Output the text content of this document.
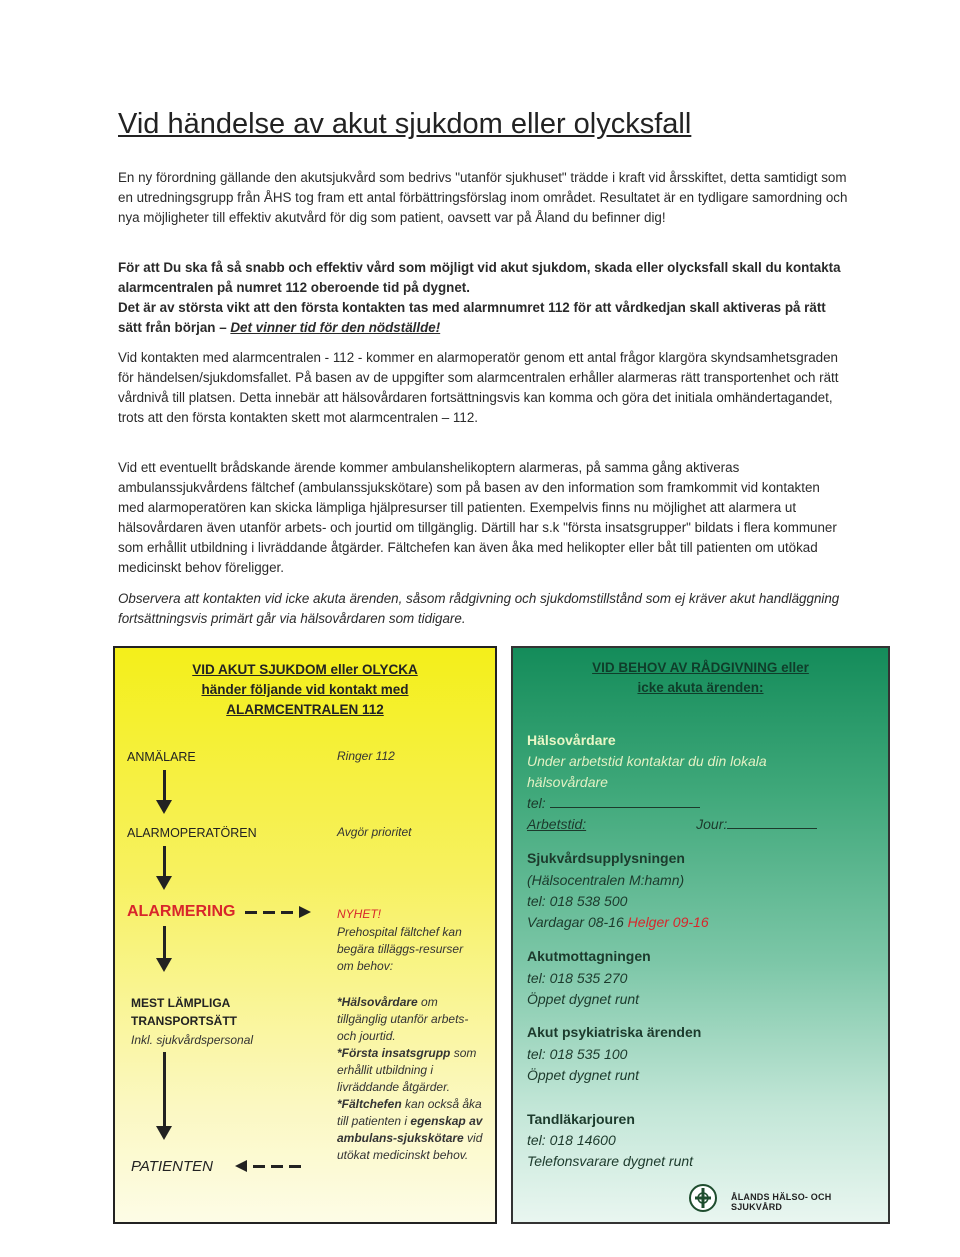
Vid händelse av akut sjukdom eller olycksfall

En ny förordning gällande den akutsjukvård som bedrivs "utanför sjukhuset" trädde i kraft vid årsskiftet, detta samtidigt som en utredningsgrupp från ÅHS tog fram ett antal förbättringsförslag inom området. Resultatet är en tydligare samordning och nya möjligheter till effektiv akutvård för dig som patient, oavsett var på Åland du befinner dig!

För att Du ska få så snabb och effektiv vård som möjligt vid akut sjukdom, skada eller olycksfall skall du kontakta alarmcentralen på numret 112 oberoende tid på dygnet.

Det är av största vikt att den första kontakten tas med alarmnumret 112 för att vårdkedjan skall aktiveras på rätt sätt från början – Det vinner tid för den nödställde!

Vid kontakten med alarmcentralen - 112 - kommer en alarmoperatör genom ett antal frågor klargöra skyndsamhetsgraden för händelsen/sjukdomsfallet. På basen av de uppgifter som alarmcentralen erhåller alarmeras rätt transportenhet och rätt vårdnivå till platsen. Detta innebär att hälsovårdaren fortsättningsvis kan komma och göra det initiala omhändertagandet, trots att den första kontakten skett mot alarmcentralen – 112.

Vid ett eventuellt brådskande ärende kommer ambulanshelikoptern alarmeras, på samma gång aktiveras ambulanssjukvårdens fältchef (ambulanssjukskötare) som på basen av den information som framkommit vid kontakten med alarmoperatören kan skicka lämpliga hjälpresurser till patienten. Exempelvis finns nu möjlighet att alarmera ut hälsovårdaren även utanför arbets- och jourtid om tillgänglig. Därtill har s.k "första insatsgrupper" bildats i flera kommuner som erhållit utbildning i livräddande åtgärder. Fältchefen kan även åka med helikopter eller båt till patienten om utökad medicinskt behov föreligger.

Observera att kontakten vid icke akuta ärenden, såsom rådgivning och sjukdomstillstånd som ej kräver akut handläggning fortsättningsvis primärt går via hälsovårdaren som tidigare.

VID AKUT SJUKDOM eller OLYCKA
händer följande vid kontakt med
ALARMCENTRALEN 112
ANMÄLARE	Ringer 112
ALARMOPERATÖREN	Avgör prioritet
ALARMERING	NYHET!
Prehospital fältchef kan begära tilläggs-resurser om behov:
MEST LÄMPLIGA
TRANSPORTSÄTT
Inkl. sjukvårdspersonal
*Hälsovårdare om tillgänglig utanför arbets- och jourtid.
*Första insatsgrupp som erhållit utbildning i livräddande åtgärder.
*Fältchefen kan också åka till patienten i egenskap av ambulans-sjukskötare vid utökat medicinskt behov.
PATIENTEN
VID BEHOV AV RÅDGIVNING eller
icke akuta ärenden:
Hälsovårdare
Under arbetstid kontaktar du din lokala hälsovårdare
tel:
Arbetstid:	Jour:
Sjukvårdsupplysningen
(Hälsocentralen M:hamn)
tel: 018 538 500
Vardagar 08-16 Helger 09-16
Akutmottagningen
tel: 018 535 270
Öppet dygnet runt
Akut psykiatriska ärenden
tel: 018 535 100
Öppet dygnet runt
Tandläkarjouren
tel: 018 14600
Telefonsvarare dygnet runt
ÅLANDS HÄLSO- OCH SJUKVÅRD
